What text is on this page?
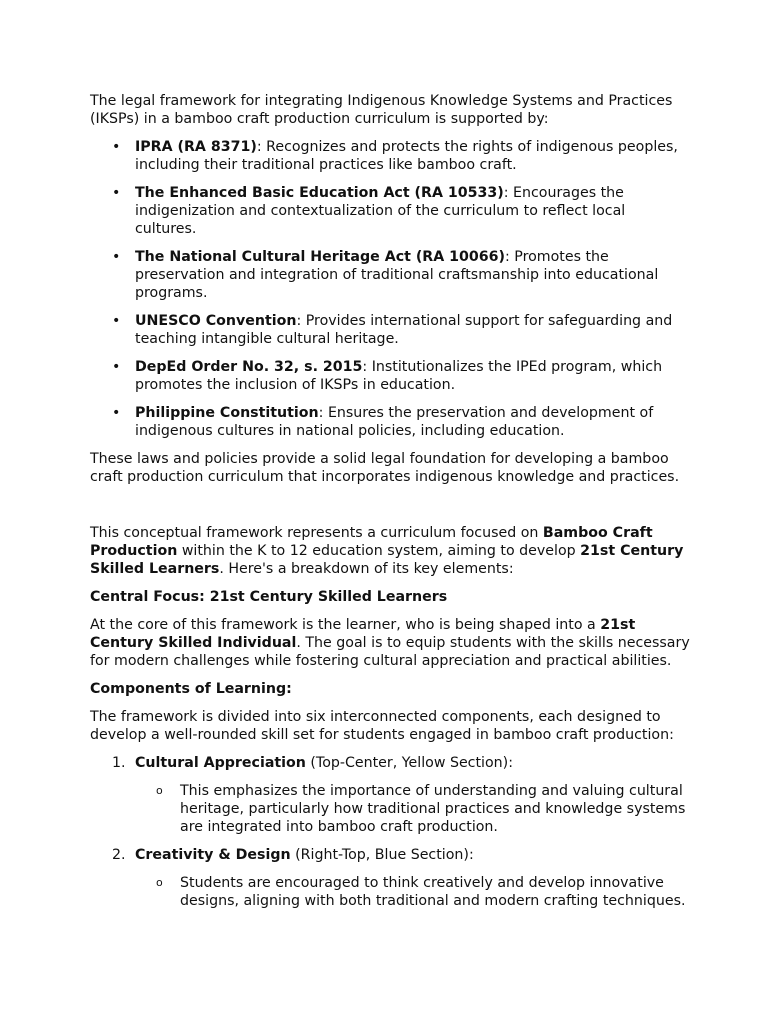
The legal framework for integrating Indigenous Knowledge Systems and Practices (IKSPs) in a bamboo craft production curriculum is supported by:

• IPRA (RA 8371): Recognizes and protects the rights of indigenous peoples, including their traditional practices like bamboo craft.
• The Enhanced Basic Education Act (RA 10533): Encourages the indigenization and contextualization of the curriculum to reflect local cultures.
• The National Cultural Heritage Act (RA 10066): Promotes the preservation and integration of traditional craftsmanship into educational programs.
• UNESCO Convention: Provides international support for safeguarding and teaching intangible cultural heritage.
• DepEd Order No. 32, s. 2015: Institutionalizes the IPEd program, which promotes the inclusion of IKSPs in education.
• Philippine Constitution: Ensures the preservation and development of indigenous cultures in national policies, including education.

These laws and policies provide a solid legal foundation for developing a bamboo craft production curriculum that incorporates indigenous knowledge and practices.

This conceptual framework represents a curriculum focused on Bamboo Craft Production within the K to 12 education system, aiming to develop 21st Century Skilled Learners. Here's a breakdown of its key elements:

Central Focus: 21st Century Skilled Learners

At the core of this framework is the learner, who is being shaped into a 21st Century Skilled Individual. The goal is to equip students with the skills necessary for modern challenges while fostering cultural appreciation and practical abilities.

Components of Learning:

The framework is divided into six interconnected components, each designed to develop a well-rounded skill set for students engaged in bamboo craft production:

1. Cultural Appreciation (Top-Center, Yellow Section):
o This emphasizes the importance of understanding and valuing cultural heritage, particularly how traditional practices and knowledge systems are integrated into bamboo craft production.
2. Creativity & Design (Right-Top, Blue Section):
o Students are encouraged to think creatively and develop innovative designs, aligning with both traditional and modern crafting techniques.
